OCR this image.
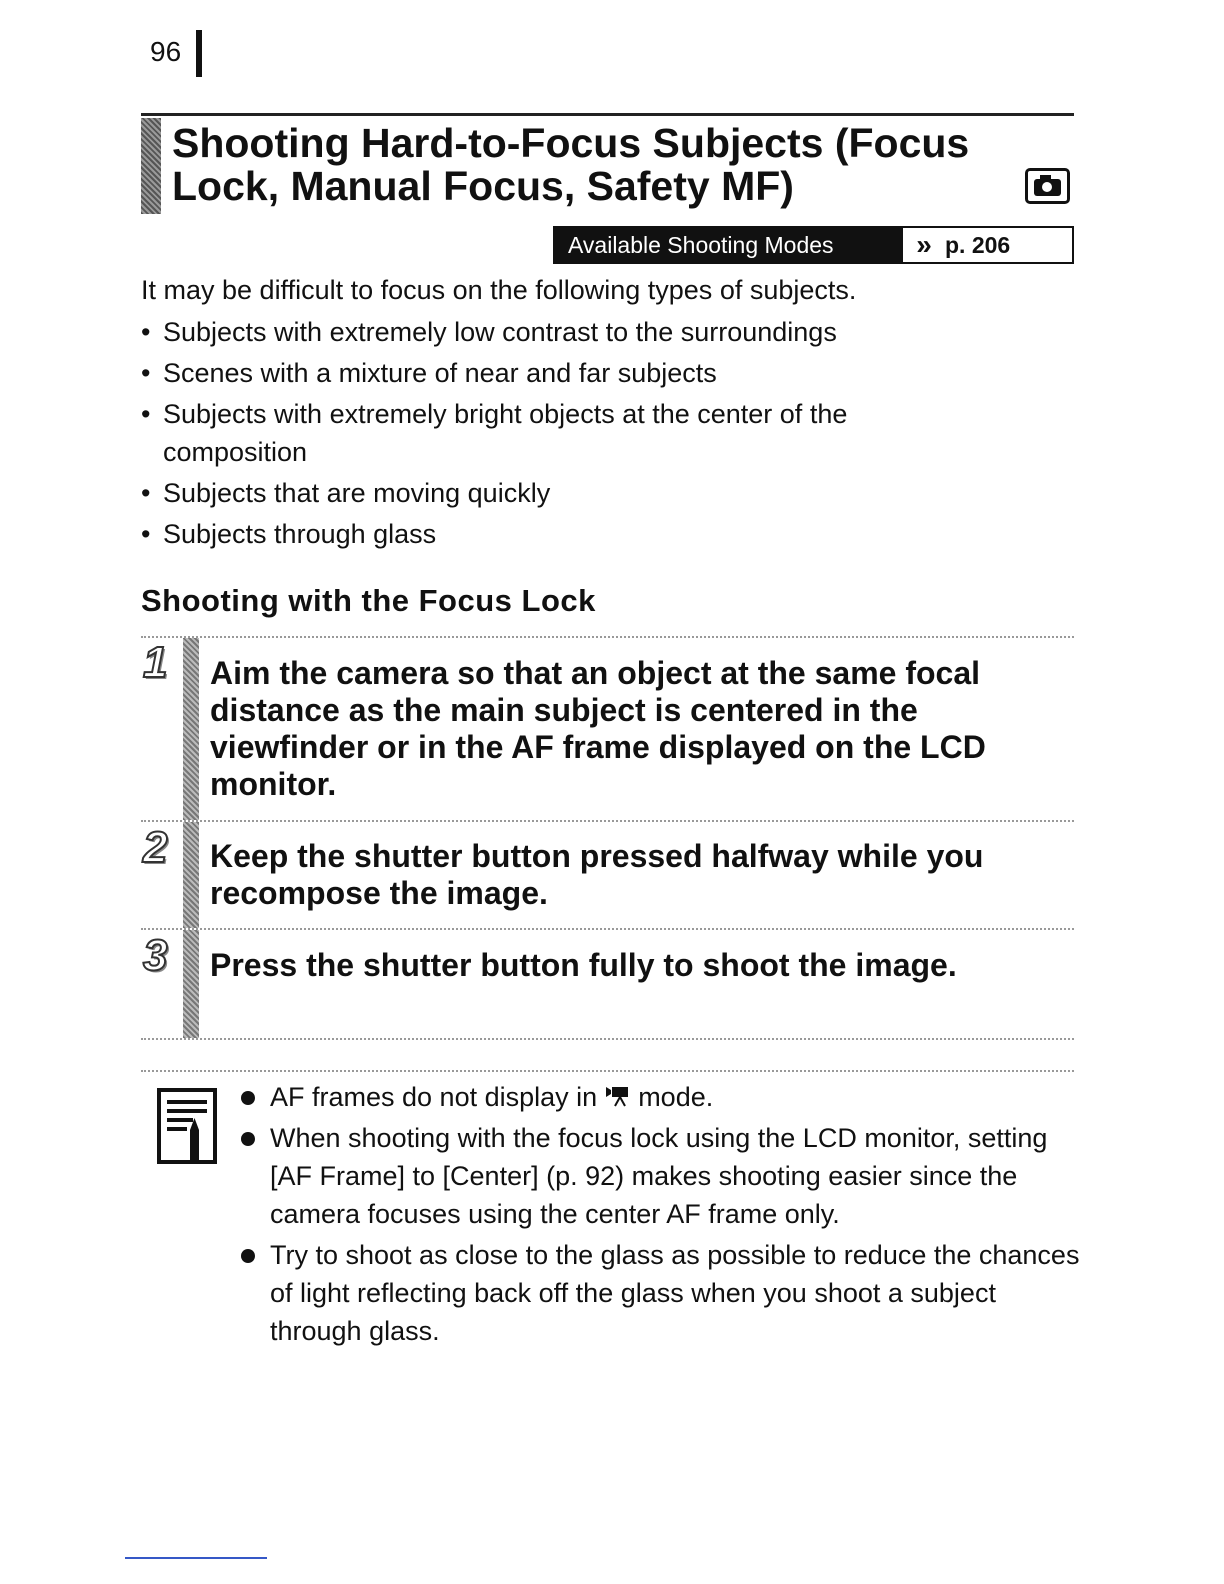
96
Shooting Hard-to-Focus Subjects (Focus Lock, Manual Focus, Safety MF)
Available Shooting Modes	» p. 206

It may be difficult to focus on the following types of subjects.

• Subjects with extremely low contrast to the surroundings
• Scenes with a mixture of near and far subjects
• Subjects with extremely bright objects at the center of the composition
• Subjects that are moving quickly
• Subjects through glass
Shooting with the Focus Lock
1 Aim the camera so that an object at the same focal distance as the main subject is centered in the viewfinder or in the AF frame displayed on the LCD monitor.

2 Keep the shutter button pressed halfway while you recompose the image.

3 Press the shutter button fully to shoot the image.

AF frames do not display in mode.
When shooting with the focus lock using the LCD monitor, setting [AF Frame] to [Center] (p. 92) makes shooting easier since the camera focuses using the center AF frame only.
Try to shoot as close to the glass as possible to reduce the chances of light reflecting back off the glass when you shoot a subject through glass.
